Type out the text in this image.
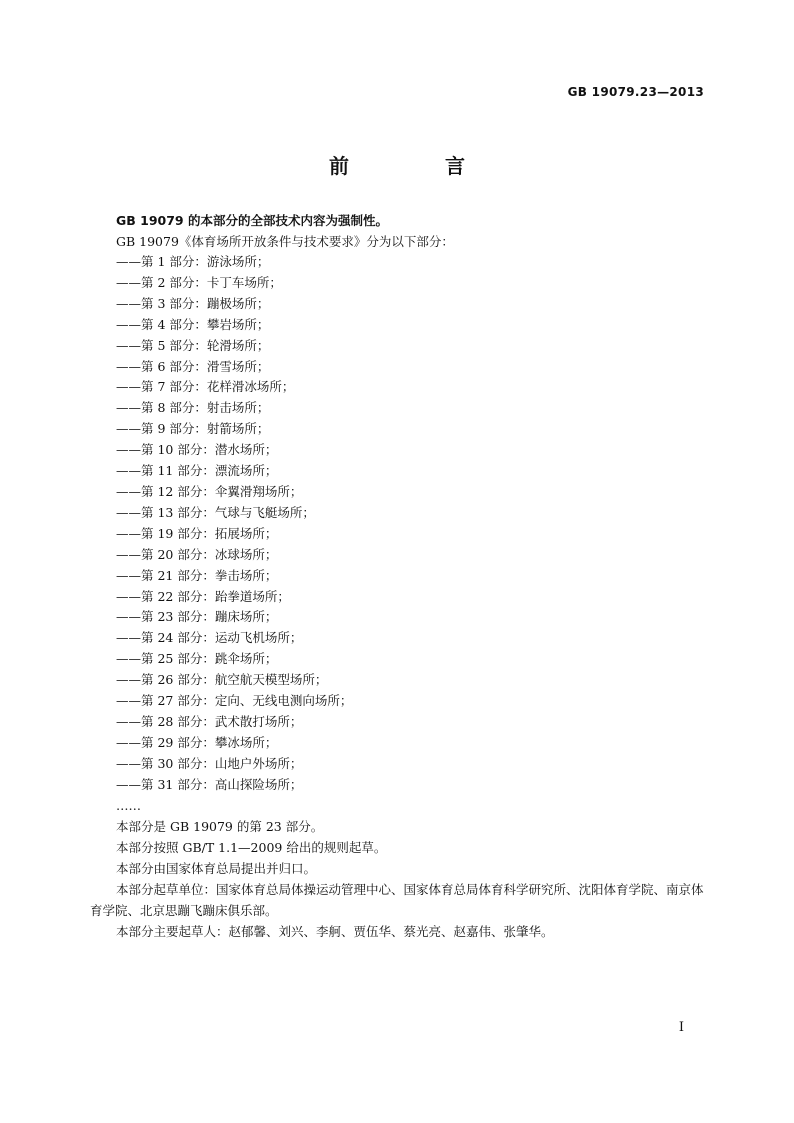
GB 19079.23—2013
前　言
GB 19079 的本部分的全部技术内容为强制性。
GB 19079《体育场所开放条件与技术要求》分为以下部分：
——第 1 部分：游泳场所；
——第 2 部分：卡丁车场所；
——第 3 部分：蹦极场所；
——第 4 部分：攀岩场所；
——第 5 部分：轮滑场所；
——第 6 部分：滑雪场所；
——第 7 部分：花样滑冰场所；
——第 8 部分：射击场所；
——第 9 部分：射箭场所；
——第 10 部分：潜水场所；
——第 11 部分：漂流场所；
——第 12 部分：伞翼滑翔场所；
——第 13 部分：气球与飞艇场所；
——第 19 部分：拓展场所；
——第 20 部分：冰球场所；
——第 21 部分：拳击场所；
——第 22 部分：跆拳道场所；
——第 23 部分：蹦床场所；
——第 24 部分：运动飞机场所；
——第 25 部分：跳伞场所；
——第 26 部分：航空航天模型场所；
——第 27 部分：定向、无线电测向场所；
——第 28 部分：武术散打场所；
——第 29 部分：攀冰场所；
——第 30 部分：山地户外场所；
——第 31 部分：高山探险场所；
……
本部分是 GB 19079 的第 23 部分。
本部分按照 GB/T 1.1—2009 给出的规则起草。
本部分由国家体育总局提出并归口。
本部分起草单位：国家体育总局体操运动管理中心、国家体育总局体育科学研究所、沈阳体育学院、南京体育学院、北京思蹦飞蹦床俱乐部。
本部分主要起草人：赵郁馨、刘兴、李舸、贾伍华、蔡光亮、赵嘉伟、张肇华。
I
